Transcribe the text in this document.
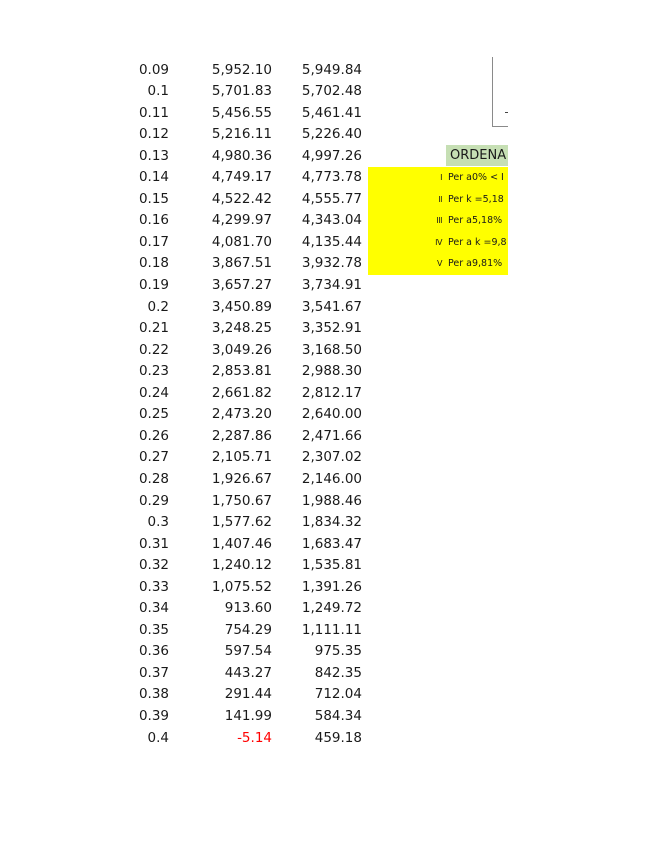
0.09	5,952.10	5,949.84
0.1	5,701.83	5,702.48
0.11	5,456.55	5,461.41
0.12	5,216.11	5,226.40
0.13	4,980.36	4,997.26
0.14	4,749.17	4,773.78
0.15	4,522.42	4,555.77
0.16	4,299.97	4,343.04
0.17	4,081.70	4,135.44
0.18	3,867.51	3,932.78
0.19	3,657.27	3,734.91
0.2	3,450.89	3,541.67
0.21	3,248.25	3,352.91
0.22	3,049.26	3,168.50
0.23	2,853.81	2,988.30
0.24	2,661.82	2,812.17
0.25	2,473.20	2,640.00
0.26	2,287.86	2,471.66
0.27	2,105.71	2,307.02
0.28	1,926.67	2,146.00
0.29	1,750.67	1,988.46
0.3	1,577.62	1,834.32
0.31	1,407.46	1,683.47
0.32	1,240.12	1,535.81
0.33	1,075.52	1,391.26
0.34	913.60	1,249.72
0.35	754.29	1,111.11
0.36	597.54	975.35
0.37	443.27	842.35
0.38	291.44	712.04
0.39	141.99	584.34
0.4	-5.14	459.18
ORDENA
I Per a0% < I
II Per k =5,18
III Per a5,18%
IV Per a k =9,8
V Per a9,81%
